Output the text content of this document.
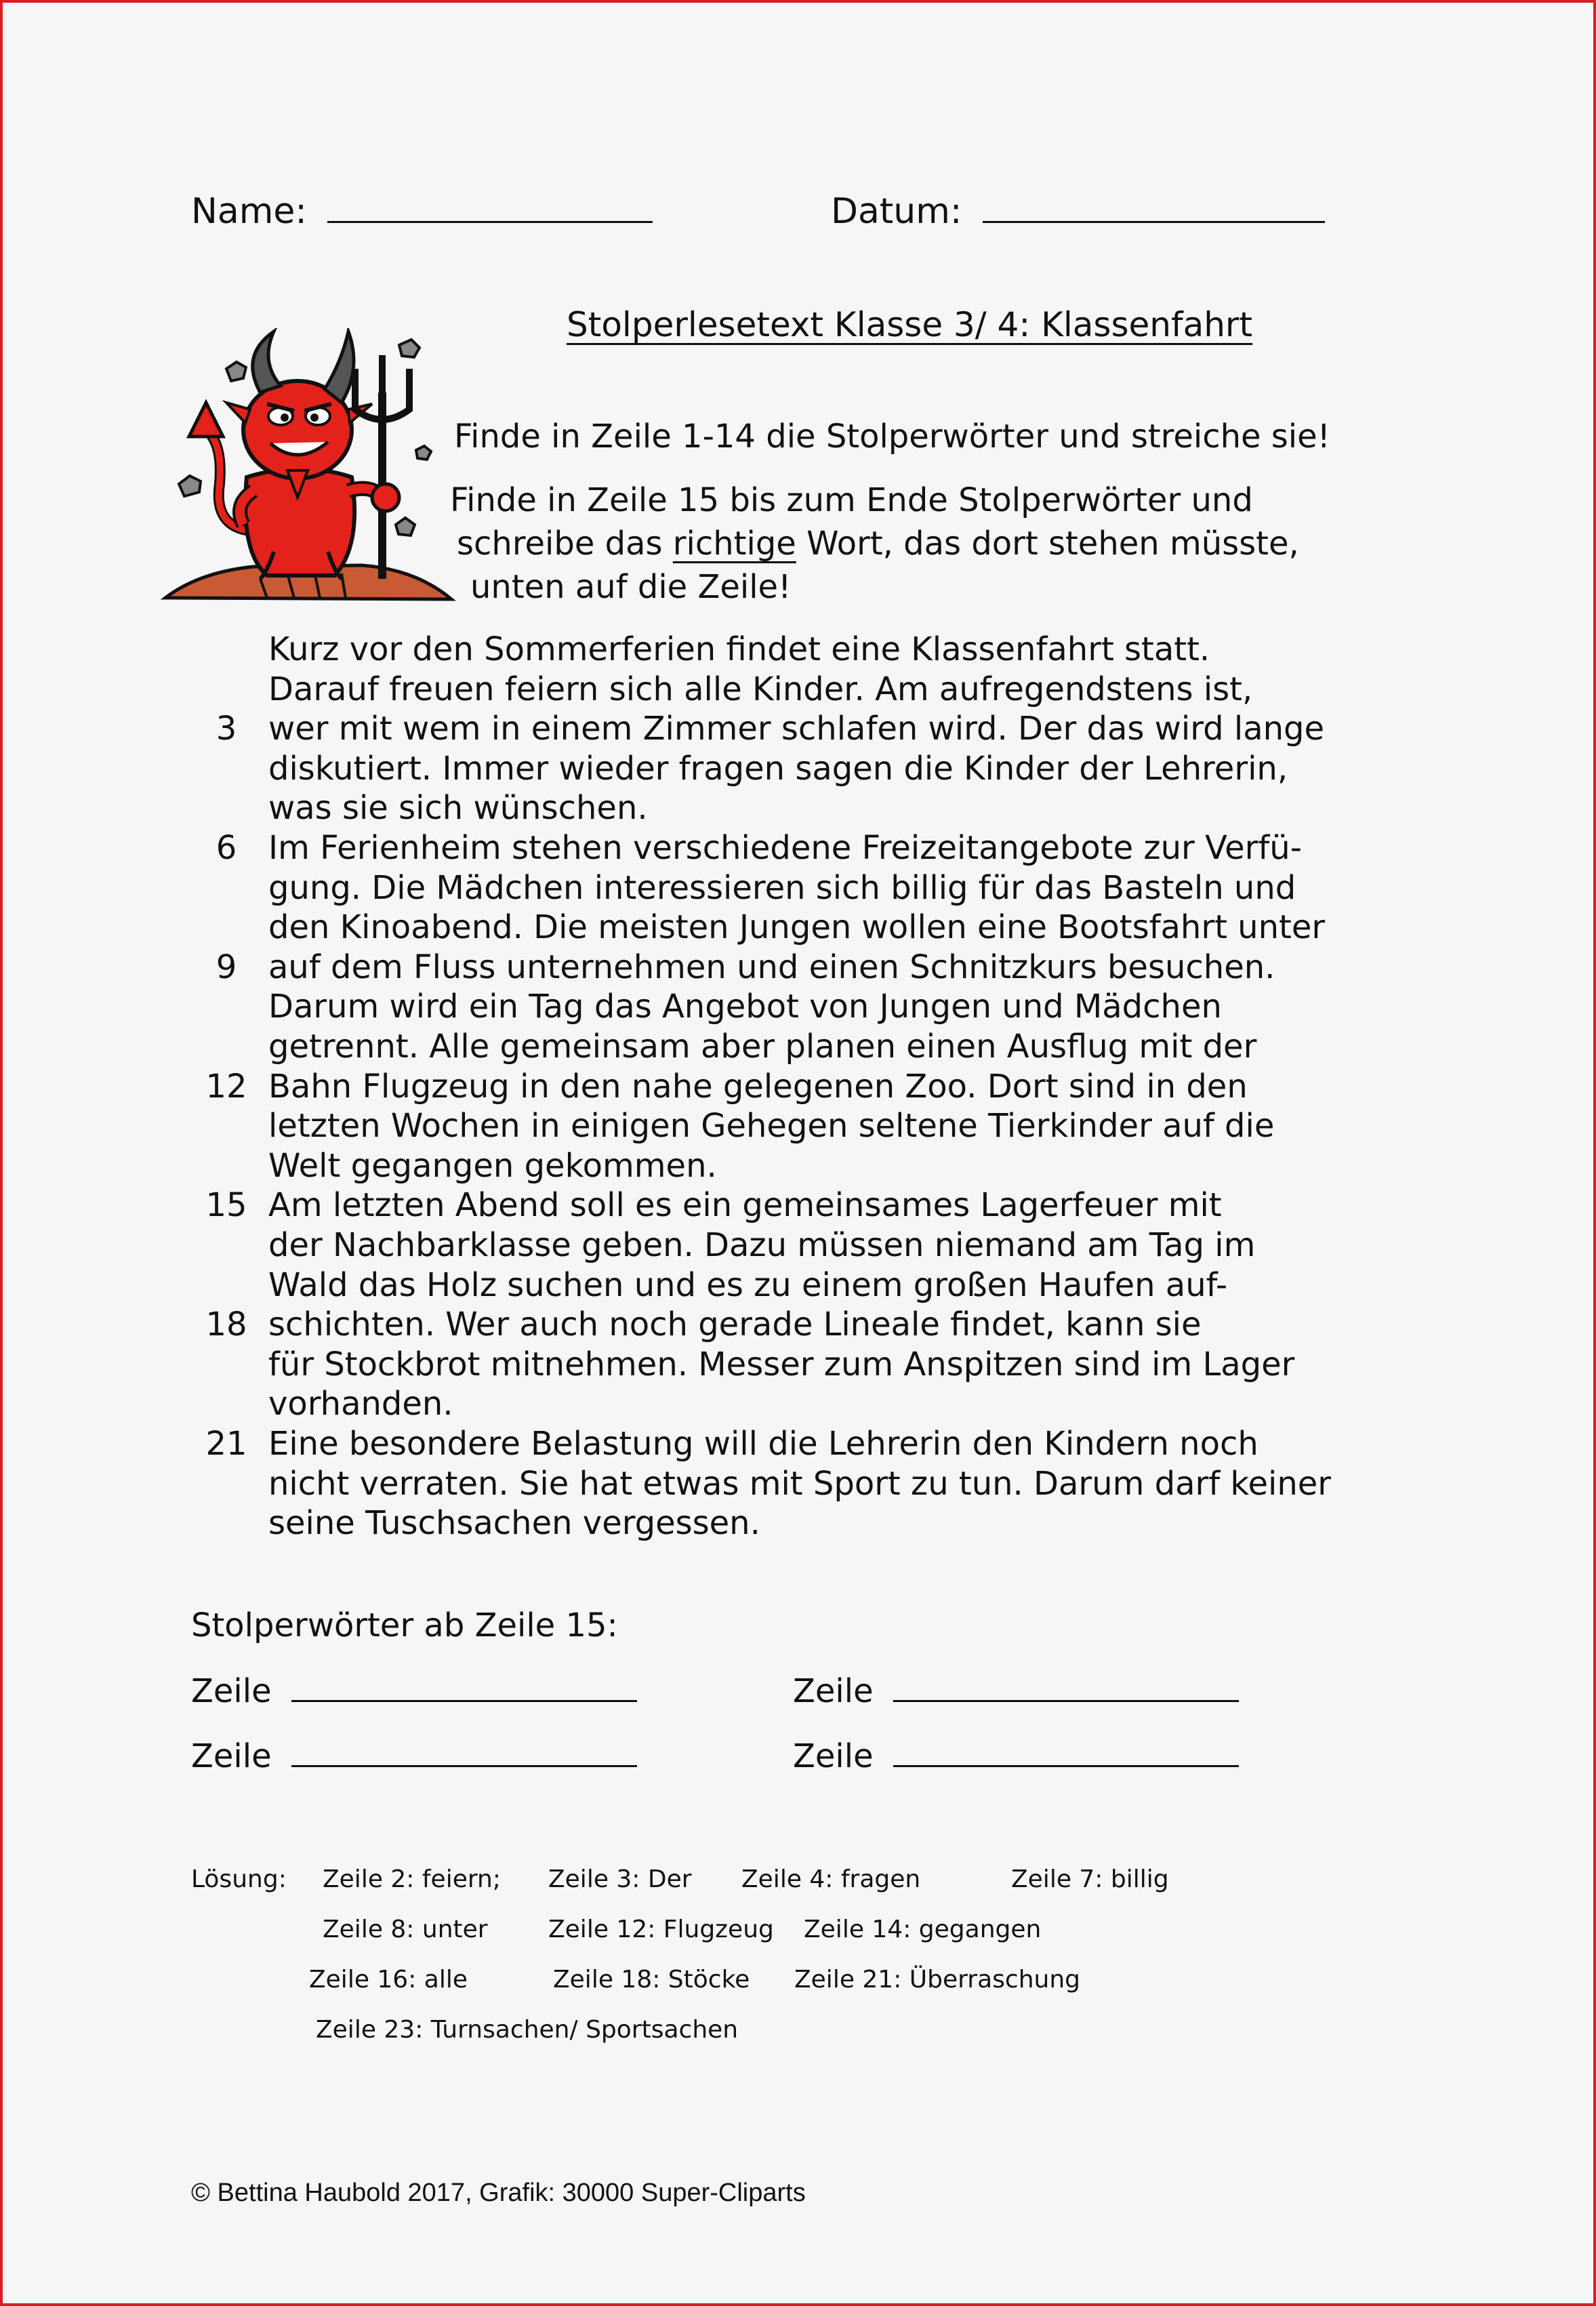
Name:	Datum:
Stolperlesetext Klasse 3/ 4: Klassenfahrt
Finde in Zeile 1-14 die Stolperwörter und streiche sie!
Finde in Zeile 15 bis zum Ende Stolperwörter und
schreibe das richtige Wort, das dort stehen müsste,
unten auf die Zeile!
Kurz vor den Sommerferien findet eine Klassenfahrt statt.
Darauf freuen feiern sich alle Kinder. Am aufregendstens ist,
3 wer mit wem in einem Zimmer schlafen wird. Der das wird lange
diskutiert. Immer wieder fragen sagen die Kinder der Lehrerin,
was sie sich wünschen.
6 Im Ferienheim stehen verschiedene Freizeitangebote zur Verfü-
gung. Die Mädchen interessieren sich billig für das Basteln und
den Kinoabend. Die meisten Jungen wollen eine Bootsfahrt unter
9 auf dem Fluss unternehmen und einen Schnitzkurs besuchen.
Darum wird ein Tag das Angebot von Jungen und Mädchen
getrennt. Alle gemeinsam aber planen einen Ausflug mit der
12 Bahn Flugzeug in den nahe gelegenen Zoo. Dort sind in den
letzten Wochen in einigen Gehegen seltene Tierkinder auf die
Welt gegangen gekommen.
15 Am letzten Abend soll es ein gemeinsames Lagerfeuer mit
der Nachbarklasse geben. Dazu müssen niemand am Tag im
Wald das Holz suchen und es zu einem großen Haufen auf-
18 schichten. Wer auch noch gerade Lineale findet, kann sie
für Stockbrot mitnehmen. Messer zum Anspitzen sind im Lager
vorhanden.
21 Eine besondere Belastung will die Lehrerin den Kindern noch
nicht verraten. Sie hat etwas mit Sport zu tun. Darum darf keiner
seine Tuschsachen vergessen.
Stolperwörter ab Zeile 15:
Zeile	Zeile
Zeile	Zeile
Lösung: Zeile 2: feiern; Zeile 3: Der Zeile 4: fragen	Zeile 7: billig
Zeile 8: unter Zeile 12: Flugzeug Zeile 14: gegangen
Zeile 16: alle	Zeile 18: Stöcke Zeile 21: Überraschung
Zeile 23: Turnsachen/ Sportsachen
© Bettina Haubold 2017, Grafik: 30000 Super-Cliparts
